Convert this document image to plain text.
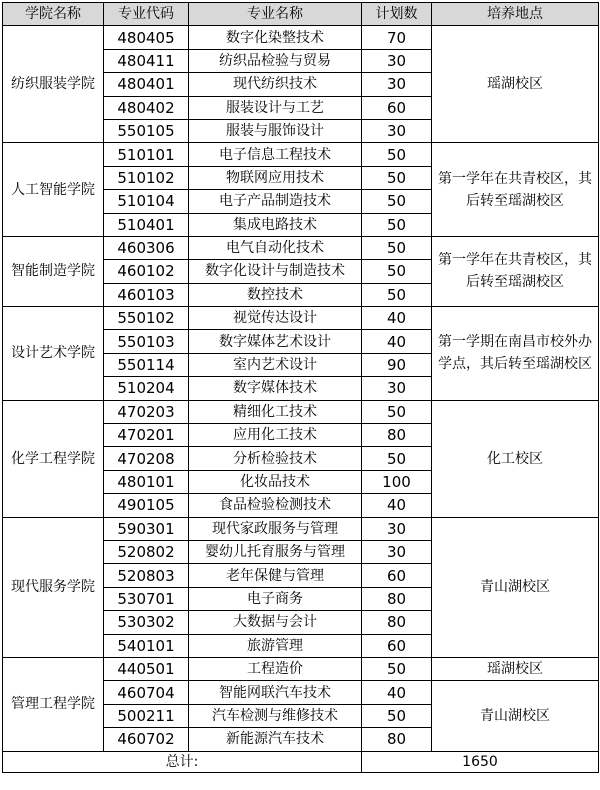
学院名称	专业代码	专业名称	计划数	培养地点
纺织服装学院	480405	数字化染整技术	70	瑶湖校区
	480411	纺织品检验与贸易	30	
	480401	现代纺织技术	30	
	480402	服装设计与工艺	60	
	550105	服装与服饰设计	30	
人工智能学院	510101	电子信息工程技术	50	第一学年在共青校区，其后转至瑶湖校区
	510102	物联网应用技术	50	
	510104	电子产品制造技术	50	
	510401	集成电路技术	50	
智能制造学院	460306	电气自动化技术	50	第一学年在共青校区，其后转至瑶湖校区
	460102	数字化设计与制造技术	50	
	460103	数控技术	50	
设计艺术学院	550102	视觉传达设计	40	第一学期在南昌市校外办学点，其后转至瑶湖校区
	550103	数字媒体艺术设计	40	
	550114	室内艺术设计	90	
	510204	数字媒体技术	30	
化学工程学院	470203	精细化工技术	50	化工校区
	470201	应用化工技术	80	
	470208	分析检验技术	50	
	480101	化妆品技术	100	
	490105	食品检验检测技术	40	
现代服务学院	590301	现代家政服务与管理	30	青山湖校区
	520802	婴幼儿托育服务与管理	30	
	520803	老年保健与管理	60	
	530701	电子商务	80	
	530302	大数据与会计	80	
	540101	旅游管理	60	
管理工程学院	440501	工程造价	50	瑶湖校区
	460704	智能网联汽车技术	40	青山湖校区
	500211	汽车检测与维修技术	50	
	460702	新能源汽车技术	80	
总计:			1650	
